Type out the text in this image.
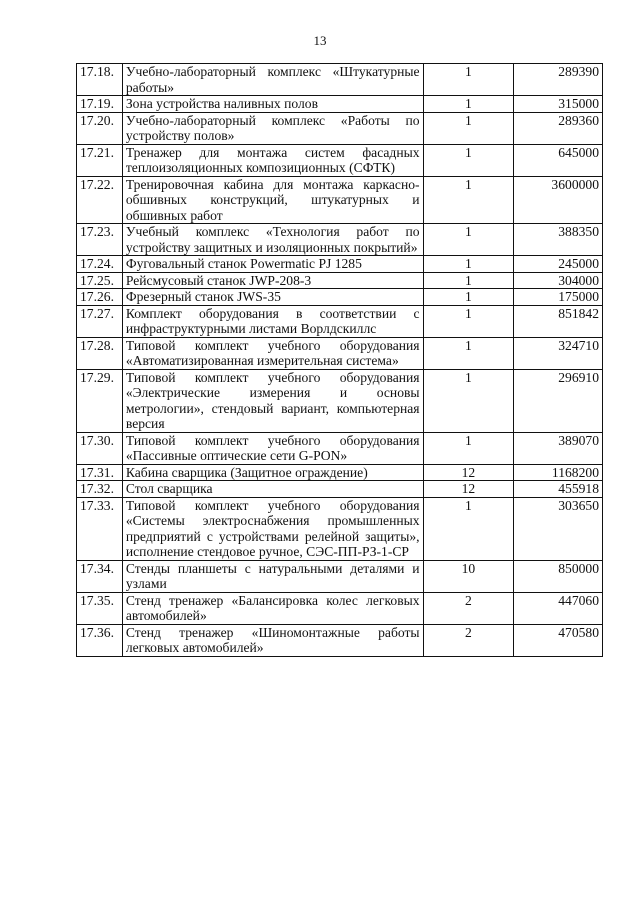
13
17.18.	Учебно-лабораторный комплекс «Штукатурные работы»	1	289390
17.19.	Зона устройства наливных полов	1	315000
17.20.	Учебно-лабораторный комплекс «Работы по устройству полов»	1	289360
17.21.	Тренажер для монтажа систем фасадных теплоизоляционных композиционных (СФТК)	1	645000
17.22.	Тренировочная кабина для монтажа каркасно- обшивных конструкций, штукатурных и обшивных работ	1	3600000
17.23.	Учебный комплекс «Технология работ по устройству защитных и изоляционных покрытий»	1	388350
17.24.	Фуговальный станок Powermatic PJ 1285	1	245000
17.25.	Рейсмусовый станок JWP-208-3	1	304000
17.26.	Фрезерный станок JWS-35	1	175000
17.27.	Комплект оборудования в соответствии с инфраструктурными листами Ворлдскиллс	1	851842
17.28.	Типовой комплект учебного оборудования «Автоматизированная измерительная система»	1	324710
17.29.	Типовой комплект учебного оборудования «Электрические измерения и основы метрологии», стендовый вариант, компьютерная версия	1	296910
17.30.	Типовой комплект учебного оборудования «Пассивные оптические сети G-PON»	1	389070
17.31.	Кабина сварщика (Защитное ограждение)	12	1168200
17.32.	Стол сварщика	12	455918
17.33.	Типовой комплект учебного оборудования «Системы электроснабжения промышленных предприятий с устройствами релейной защиты», исполнение стендовое ручное, СЭС-ПП-РЗ-1-СР	1	303650
17.34.	Стенды планшеты с натуральными деталями и узлами	10	850000
17.35.	Стенд тренажер «Балансировка колес легковых автомобилей»	2	447060
17.36.	Стенд тренажер «Шиномонтажные работы легковых автомобилей»	2	470580
